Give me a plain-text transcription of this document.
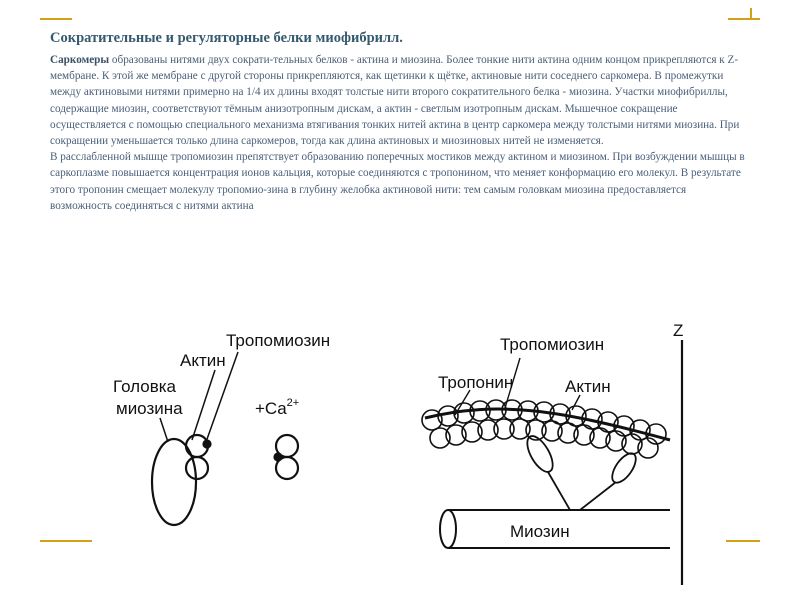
Сократительные и регуляторные белки миофибрилл.

Саркомеры образованы нитями двух сократи-тельных белков - актина и миозина. Более тонкие нити актина одним концом прикрепляются к Z-мембране. К этой же мембране с другой стороны прикрепляются, как щетинки к щётке, актиновые нити соседнего саркомера. В промежутки между актиновыми нитями примерно на 1/4 их длины входят толстые нити второго сократительного белка - миозина. Участки миофибриллы, содержащие миозин, соответствуют тёмным анизотропным дискам, а актин - светлым изотропным дискам. Мышечное сокращение осуществляется с помощью специального механизма втягивания тонких нитей актина в центр саркомера между толстыми нитями миозина. При сокращении уменьшается только длина саркомеров, тогда как длина актиновых и миозиновых нитей не изменяется.

В расслабленной мышце тропомиозин препятствует образованию поперечных мостиков между актином и миозином. При возбуждении мышцы в саркоплазме повышается концентрация ионов кальция, которые соединяются с тропонином, что меняет конформацию его молекул. В результате этого тропонин смещает молекулу тропомио-зина в глубину желобка актиновой нити: тем самым головкам миозина предоставляется возможность соединяться с нитями актина

Головка
миозина
Актин
Тропомиозин
$+Ca^{2+}$
Z
Тропомиозин
Тропонин	Актин
Миозин
